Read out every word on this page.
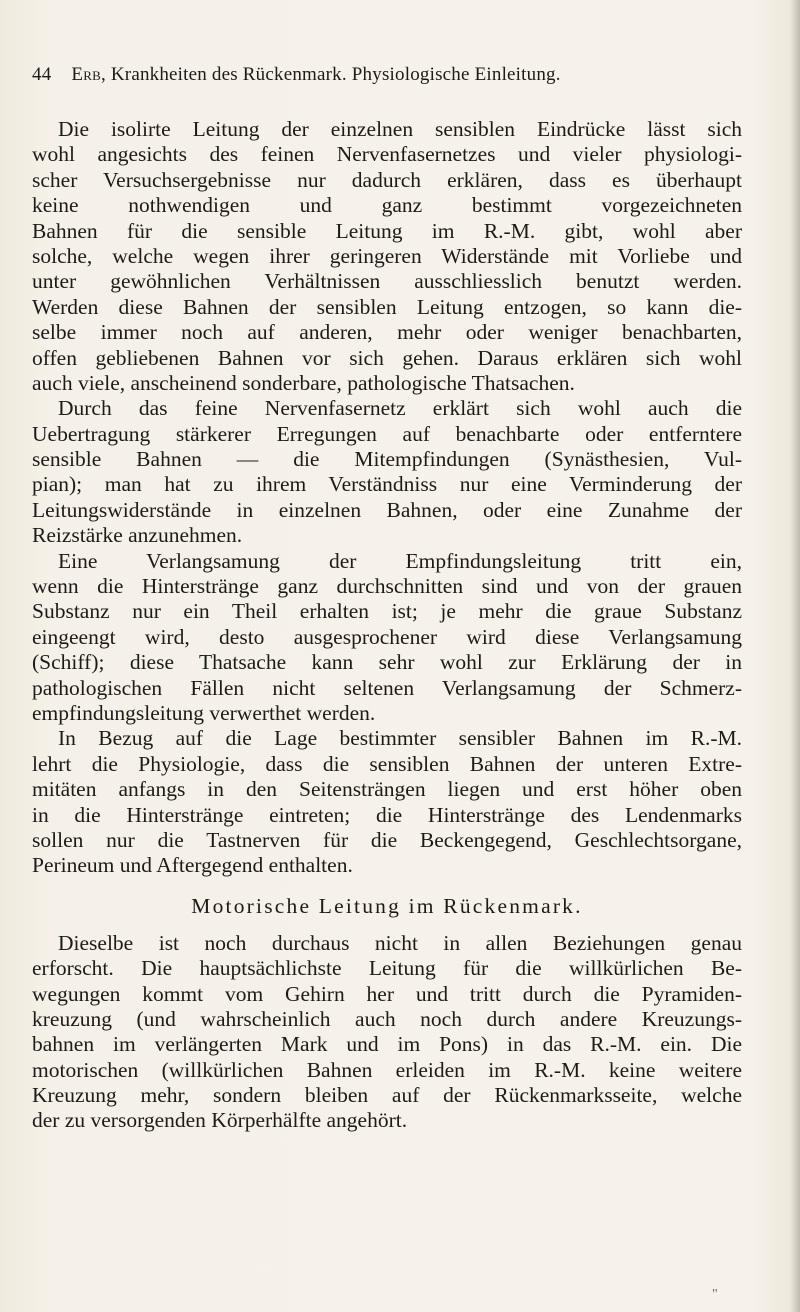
44 Erb, Krankheiten des Rückenmark. Physiologische Einleitung.
Die isolirte Leitung der einzelnen sensiblen Eindrücke lässt sich
wohl angesichts des feinen Nervenfasernetzes und vieler physiologi-
scher Versuchsergebnisse nur dadurch erklären, dass es überhaupt
keine nothwendigen und ganz bestimmt vorgezeichneten
Bahnen für die sensible Leitung im R.-M. gibt, wohl aber
solche, welche wegen ihrer geringeren Widerstände mit Vorliebe und
unter gewöhnlichen Verhältnissen ausschliesslich benutzt werden.
Werden diese Bahnen der sensiblen Leitung entzogen, so kann die-
selbe immer noch auf anderen, mehr oder weniger benachbarten,
offen gebliebenen Bahnen vor sich gehen. Daraus erklären sich wohl
auch viele, anscheinend sonderbare, pathologische Thatsachen.
Durch das feine Nervenfasernetz erklärt sich wohl auch die
Uebertragung stärkerer Erregungen auf benachbarte oder entferntere
sensible Bahnen — die Mitempfindungen (Synästhesien, Vul-
pian); man hat zu ihrem Verständniss nur eine Verminderung der
Leitungswiderstände in einzelnen Bahnen, oder eine Zunahme der
Reizstärke anzunehmen.
Eine Verlangsamung der Empfindungsleitung tritt ein,
wenn die Hinterstränge ganz durchschnitten sind und von der grauen
Substanz nur ein Theil erhalten ist; je mehr die graue Substanz
eingeengt wird, desto ausgesprochener wird diese Verlangsamung
(Schiff); diese Thatsache kann sehr wohl zur Erklärung der in
pathologischen Fällen nicht seltenen Verlangsamung der Schmerz-
empfindungsleitung verwerthet werden.
In Bezug auf die Lage bestimmter sensibler Bahnen im R.-M.
lehrt die Physiologie, dass die sensiblen Bahnen der unteren Extre-
mitäten anfangs in den Seitensträngen liegen und erst höher oben
in die Hinterstränge eintreten; die Hinterstränge des Lendenmarks
sollen nur die Tastnerven für die Beckengegend, Geschlechtsorgane,
Perineum und Aftergegend enthalten.
Motorische Leitung im Rückenmark.
Dieselbe ist noch durchaus nicht in allen Beziehungen genau
erforscht. Die hauptsächlichste Leitung für die willkürlichen Be-
wegungen kommt vom Gehirn her und tritt durch die Pyramiden-
kreuzung (und wahrscheinlich auch noch durch andere Kreuzungs-
bahnen im verlängerten Mark und im Pons) in das R.-M. ein. Die
motorischen (willkürlichen Bahnen erleiden im R.-M. keine weitere
Kreuzung mehr, sondern bleiben auf der Rückenmarksseite, welche
der zu versorgenden Körperhälfte angehört.
"
